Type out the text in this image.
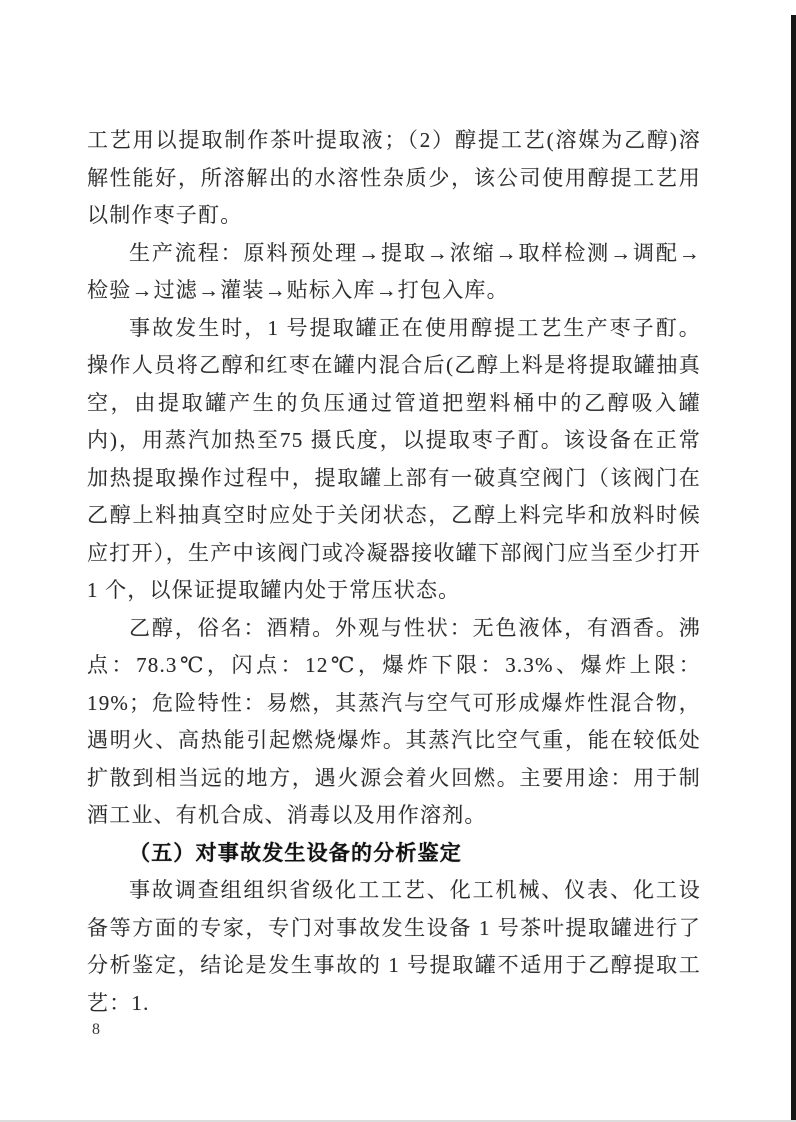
工艺用以提取制作茶叶提取液；（2）醇提工艺(溶媒为乙醇)溶解性能好，所溶解出的水溶性杂质少，该公司使用醇提工艺用以制作枣子酊。

生产流程：原料预处理→提取→浓缩→取样检测→调配→检验→过滤→灌装→贴标入库→打包入库。

事故发生时，1 号提取罐正在使用醇提工艺生产枣子酊。操作人员将乙醇和红枣在罐内混合后(乙醇上料是将提取罐抽真空，由提取罐产生的负压通过管道把塑料桶中的乙醇吸入罐内)，用蒸汽加热至75 摄氏度，以提取枣子酊。该设备在正常加热提取操作过程中，提取罐上部有一破真空阀门（该阀门在乙醇上料抽真空时应处于关闭状态，乙醇上料完毕和放料时候应打开），生产中该阀门或冷凝器接收罐下部阀门应当至少打开 1 个，以保证提取罐内处于常压状态。

乙醇，俗名：酒精。外观与性状：无色液体，有酒香。沸点：78.3℃，闪点：12℃，爆炸下限：3.3%、爆炸上限：19%；危险特性：易燃，其蒸汽与空气可形成爆炸性混合物，遇明火、高热能引起燃烧爆炸。其蒸汽比空气重，能在较低处扩散到相当远的地方，遇火源会着火回燃。主要用途：用于制酒工业、有机合成、消毒以及用作溶剂。

（五）对事故发生设备的分析鉴定

事故调查组组织省级化工工艺、化工机械、仪表、化工设备等方面的专家，专门对事故发生设备 1 号茶叶提取罐进行了分析鉴定，结论是发生事故的 1 号提取罐不适用于乙醇提取工艺：1.

8
